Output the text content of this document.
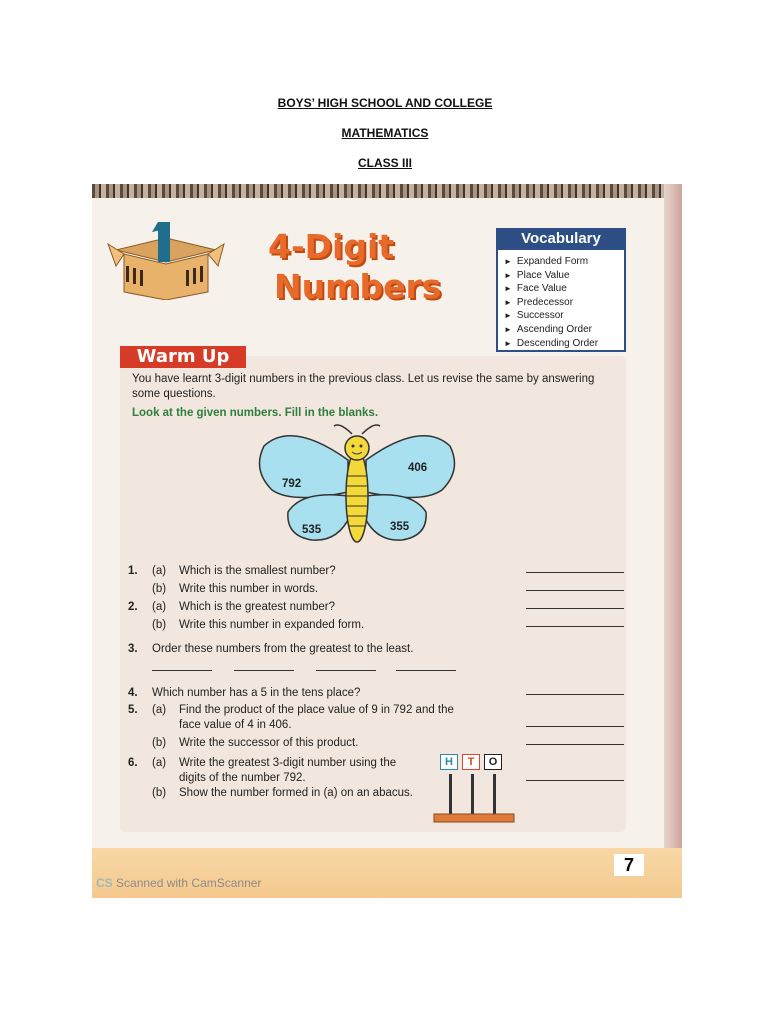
BOYS’ HIGH SCHOOL AND COLLEGE
MATHEMATICS
CLASS III
4-Digit
Numbers
Vocabulary
► Expanded Form
► Place Value
► Face Value
► Predecessor
► Successor
► Ascending Order
► Descending Order
Warm Up
You have learnt 3-digit numbers in the previous class. Let us revise the same by answering
some questions.
Look at the given numbers. Fill in the blanks.
792
406
535	355
1. (a) Which is the smallest number?
(b) Write this number in words.
2. (a) Which is the greatest number?
(b) Write this number in expanded form.
3. Order these numbers from the greatest to the least.
4. Which number has a 5 in the tens place?
5. (a) Find the product of the place value of 9 in 792 and the
face value of 4 in 406.
(b) Write the successor of this product.
6. (a) Write the greatest 3-digit number using the
digits of the number 792.
(b) Show the number formed in (a) on an abacus.
H	T	O
7
CS Scanned with CamScanner
